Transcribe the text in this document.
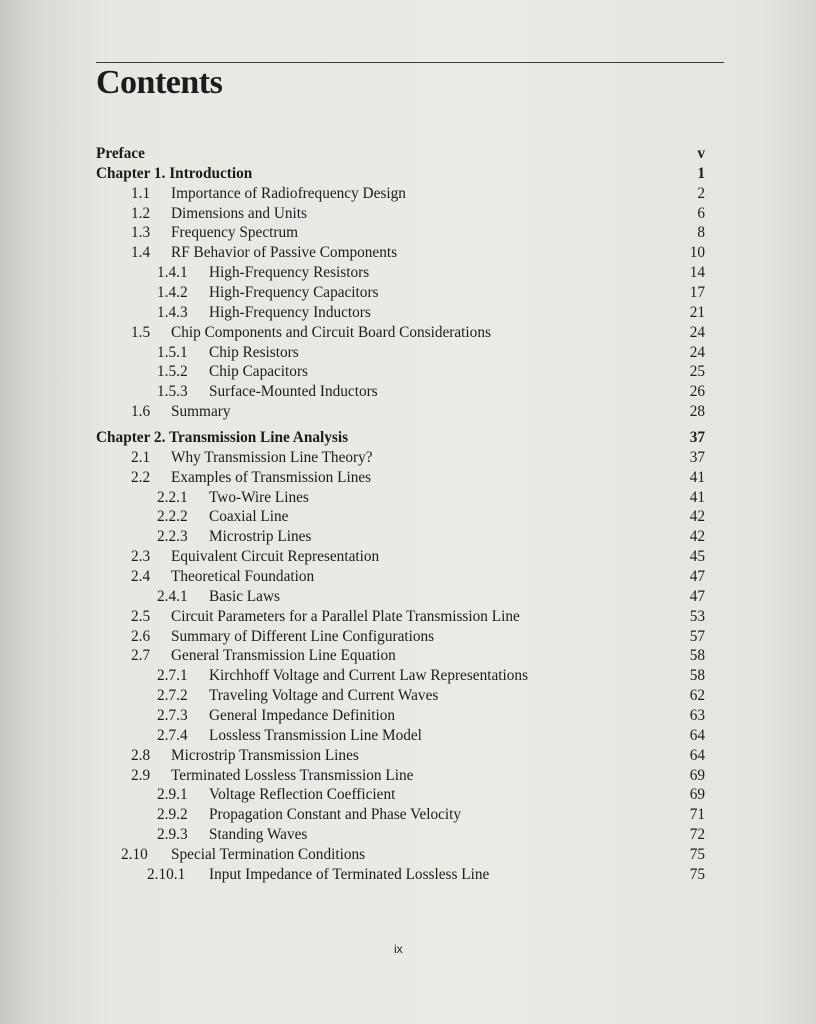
Contents
Preface	v
Chapter 1. Introduction	1
1.1 Importance of Radiofrequency Design	2
1.2 Dimensions and Units	6
1.3 Frequency Spectrum	8
1.4 RF Behavior of Passive Components	10
1.4.1 High-Frequency Resistors	14
1.4.2 High-Frequency Capacitors	17
1.4.3 High-Frequency Inductors	21
1.5 Chip Components and Circuit Board Considerations	24
1.5.1 Chip Resistors	24
1.5.2 Chip Capacitors	25
1.5.3 Surface-Mounted Inductors	26
1.6 Summary	28
Chapter 2. Transmission Line Analysis	37
2.1 Why Transmission Line Theory?	37
2.2 Examples of Transmission Lines	41
2.2.1 Two-Wire Lines	41
2.2.2 Coaxial Line	42
2.2.3 Microstrip Lines	42
2.3 Equivalent Circuit Representation	45
2.4 Theoretical Foundation	47
2.4.1 Basic Laws	47
2.5 Circuit Parameters for a Parallel Plate Transmission Line	53
2.6 Summary of Different Line Configurations	57
2.7 General Transmission Line Equation	58
2.7.1 Kirchhoff Voltage and Current Law Representations	58
2.7.2 Traveling Voltage and Current Waves	62
2.7.3 General Impedance Definition	63
2.7.4 Lossless Transmission Line Model	64
2.8 Microstrip Transmission Lines	64
2.9 Terminated Lossless Transmission Line	69
2.9.1 Voltage Reflection Coefficient	69
2.9.2 Propagation Constant and Phase Velocity	71
2.9.3 Standing Waves	72
2.10 Special Termination Conditions	75
2.10.1 Input Impedance of Terminated Lossless Line	75
ix
